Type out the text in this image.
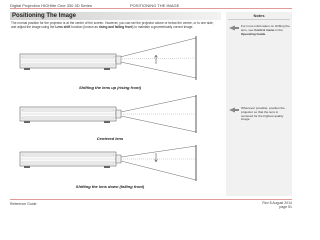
Digital Projection HIGHlite Cine 330 3D Series	POSITIONING THE IMAGE
Positioning The Image
The normal position for the projector is at the centre of the screen. However, you can set the projector above or below the centre, or to one side, and adjust the image using the Lens shift function (known as rising and falling front) to maintain a geometrically correct image.
Shifting the lens up (rising front)
Centered lens
Shifting the lens down (falling front)
Notes
For more information on shifting the lens, see Control menu in the Operating Guide.
Whenever possible, position the projector so that the lens is centered for the highest quality image.
Reference Guide	Rev 8 August 2014
page 51
